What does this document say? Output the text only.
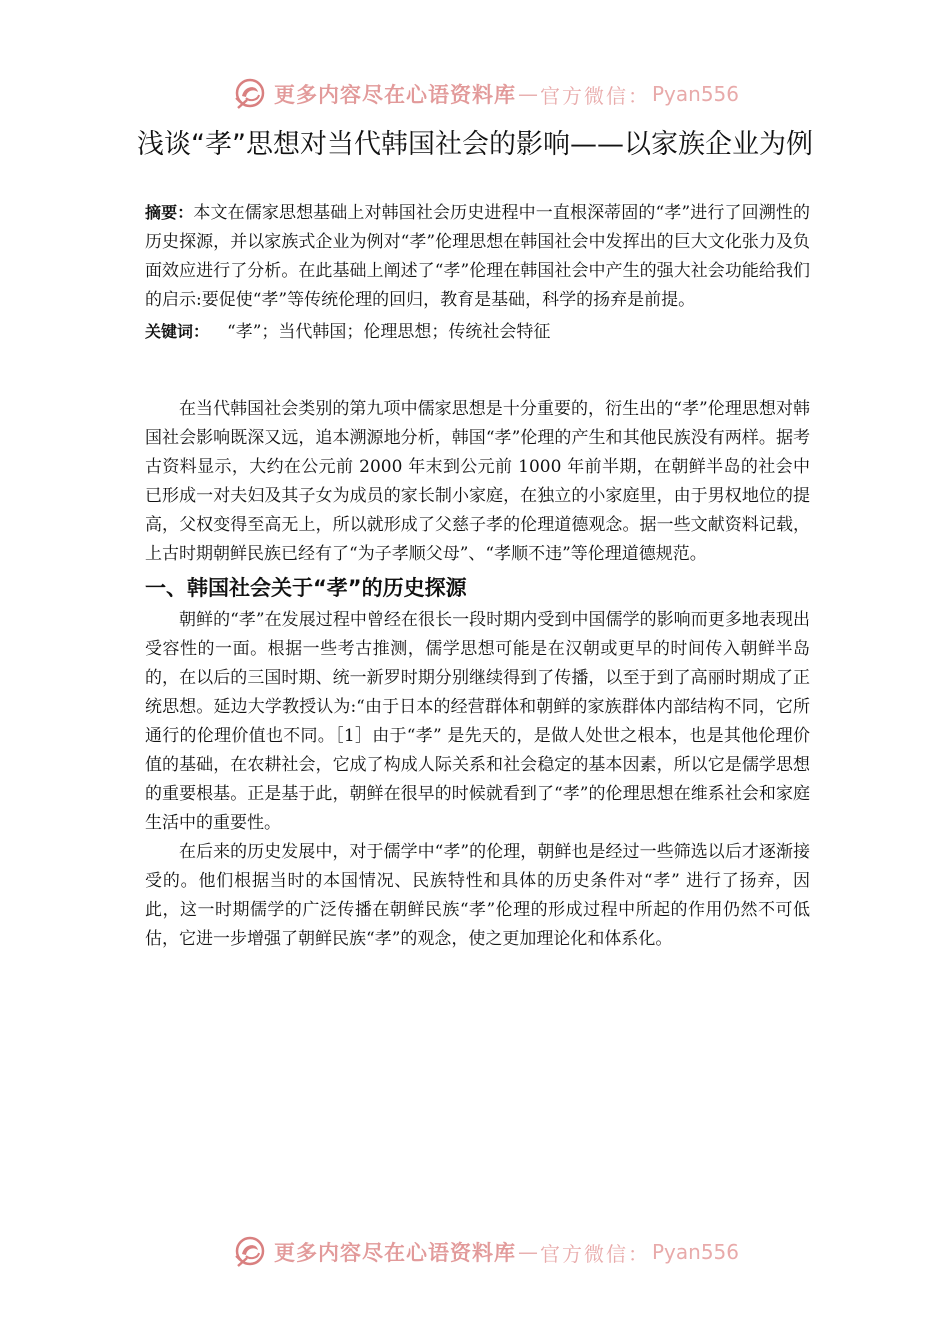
更多内容尽在心语资料库 — 官方微信： Pyan556
浅谈“孝”思想对当代韩国社会的影响——以家族企业为例

摘要：本文在儒家思想基础上对韩国社会历史进程中一直根深蒂固的“孝”进行了回溯性的历史探源，并以家族式企业为例对“孝”伦理思想在韩国社会中发挥出的巨大文化张力及负面效应进行了分析。在此基础上阐述了“孝”伦理在韩国社会中产生的强大社会功能给我们的启示:要促使“孝”等传统伦理的回归，教育是基础，科学的扬弃是前提。

关键词： “孝”；当代韩国；伦理思想；传统社会特征

在当代韩国社会类别的第九项中儒家思想是十分重要的，衍生出的“孝”伦理思想对韩国社会影响既深又远，追本溯源地分析，韩国“孝”伦理的产生和其他民族没有两样。据考古资料显示，大约在公元前 2000 年末到公元前 1000 年前半期，在朝鲜半岛的社会中已形成一对夫妇及其子女为成员的家长制小家庭，在独立的小家庭里，由于男权地位的提高，父权变得至高无上，所以就形成了父慈子孝的伦理道德观念。据一些文献资料记载，上古时期朝鲜民族已经有了“为子孝顺父母”、“孝顺不违”等伦理道德规范。

一、韩国社会关于“孝”的历史探源

朝鲜的“孝”在发展过程中曾经在很长一段时期内受到中国儒学的影响而更多地表现出受容性的一面。根据一些考古推测，儒学思想可能是在汉朝或更早的时间传入朝鲜半岛的，在以后的三国时期、统一新罗时期分别继续得到了传播，以至于到了高丽时期成了正统思想。延边大学教授认为:“由于日本的经营群体和朝鲜的家族群体内部结构不同，它所通行的伦理价值也不同。［1］由于“孝” 是先天的，是做人处世之根本，也是其他伦理价值的基础，在农耕社会，它成了构成人际关系和社会稳定的基本因素，所以它是儒学思想的重要根基。正是基于此，朝鲜在很早的时候就看到了“孝”的伦理思想在维系社会和家庭生活中的重要性。

在后来的历史发展中，对于儒学中“孝”的伦理，朝鲜也是经过一些筛选以后才逐渐接受的。他们根据当时的本国情况、民族特性和具体的历史条件对“孝” 进行了扬弃，因此，这一时期儒学的广泛传播在朝鲜民族“孝”伦理的形成过程中所起的作用仍然不可低估，它进一步增强了朝鲜民族“孝”的观念，使之更加理论化和体系化。

更多内容尽在心语资料库 — 官方微信： Pyan556
